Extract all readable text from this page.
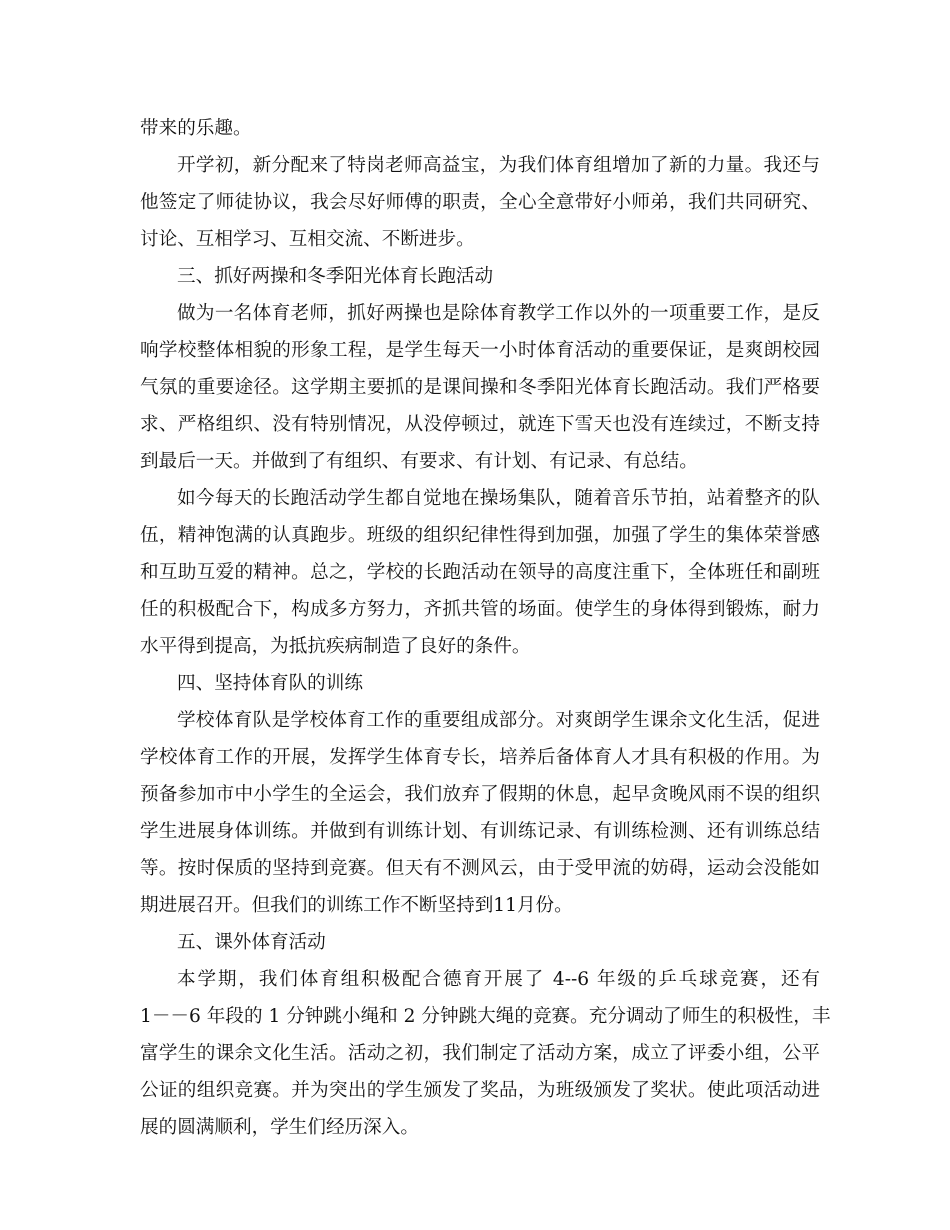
带来的乐趣。
开学初，新分配来了特岗老师高益宝，为我们体育组增加了新的力量。我还与
他签定了师徒协议，我会尽好师傅的职责，全心全意带好小师弟，我们共同研究、
讨论、互相学习、互相交流、不断进步。
三、抓好两操和冬季阳光体育长跑活动
做为一名体育老师，抓好两操也是除体育教学工作以外的一项重要工作，是反
响学校整体相貌的形象工程，是学生每天一小时体育活动的重要保证，是爽朗校园
气氛的重要途径。这学期主要抓的是课间操和冬季阳光体育长跑活动。我们严格要
求、严格组织、没有特别情况，从没停顿过，就连下雪天也没有连续过，不断支持
到最后一天。并做到了有组织、有要求、有计划、有记录、有总结。
如今每天的长跑活动学生都自觉地在操场集队，随着音乐节拍，站着整齐的队
伍，精神饱满的认真跑步。班级的组织纪律性得到加强，加强了学生的集体荣誉感
和互助互爱的精神。总之，学校的长跑活动在领导的高度注重下，全体班任和副班
任的积极配合下，构成多方努力，齐抓共管的场面。使学生的身体得到锻炼，耐力
水平得到提高，为抵抗疾病制造了良好的条件。
四、坚持体育队的训练
学校体育队是学校体育工作的重要组成部分。对爽朗学生课余文化生活，促进
学校体育工作的开展，发挥学生体育专长，培养后备体育人才具有积极的作用。为
预备参加市中小学生的全运会，我们放弃了假期的休息，起早贪晚风雨不误的组织
学生进展身体训练。并做到有训练计划、有训练记录、有训练检测、还有训练总结
等。按时保质的坚持到竞赛。但天有不测风云，由于受甲流的妨碍，运动会没能如
期进展召开。但我们的训练工作不断坚持到11月份。
五、课外体育活动
本学期，我们体育组积极配合德育开展了 4--6 年级的乒乓球竞赛，还有
1－－6 年段的 1 分钟跳小绳和 2 分钟跳大绳的竞赛。充分调动了师生的积极性，丰
富学生的课余文化生活。活动之初，我们制定了活动方案，成立了评委小组，公平
公证的组织竞赛。并为突出的学生颁发了奖品，为班级颁发了奖状。使此项活动进
展的圆满顺利，学生们经历深入。
